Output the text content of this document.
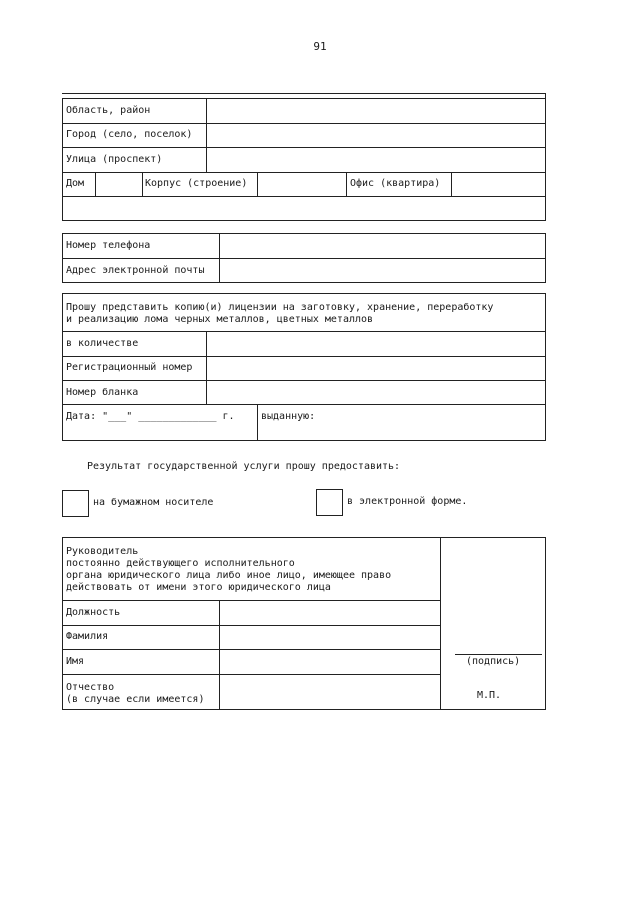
91
Область, район
Город (село, поселок)
Улица (проспект)
Дом	Корпус (строение)	Офис (квартира)
Номер телефона
Адрес электронной почты
Прошу представить копию(и) лицензии на заготовку, хранение, переработку
и реализацию лома черных металлов, цветных металлов
в количестве
Регистрационный номер
Номер бланка
Дата: "___" _____________ г.	выданную:
Результат государственной услуги прошу предоставить:
на бумажном носителе	в электронной форме.
Руководитель
постоянно действующего исполнительного
органа юридического лица либо иное лицо, имеющее право
действовать от имени этого юридического лица
Должность
Фамилия
Имя
Отчество
(в случае если имеется)
(подпись)
М.П.
